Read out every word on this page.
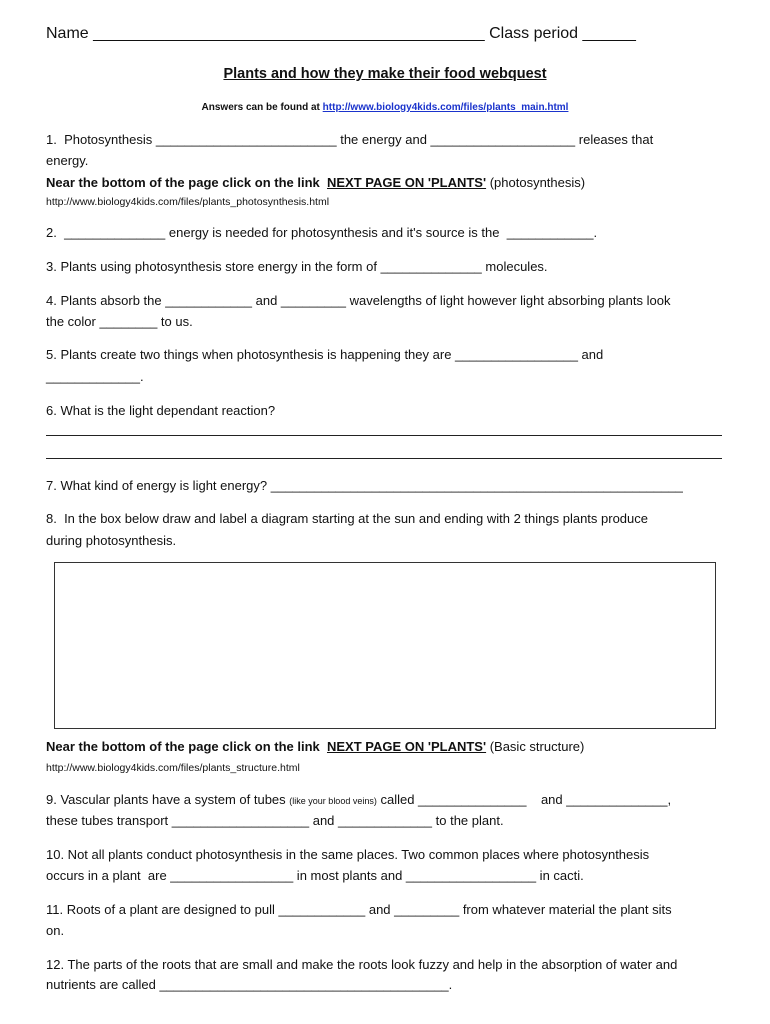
Name ____________________________________________ Class period ______
Plants and how they make their food webquest
Answers can be found at http://www.biology4kids.com/files/plants_main.html
1.  Photosynthesis _________________________ the energy and ____________________ releases that
energy.
Near the bottom of the page click on the link NEXT PAGE ON 'PLANTS' (photosynthesis)
http://www.biology4kids.com/files/plants_photosynthesis.html
2.  ______________ energy is needed for photosynthesis and it's source is the  ____________.
3. Plants using photosynthesis store energy in the form of ______________ molecules.
4. Plants absorb the ____________ and _________ wavelengths of light however light absorbing plants look
the color ________ to us.
5. Plants create two things when photosynthesis is happening they are _________________ and
_____________.
6. What is the light dependant reaction?
7. What kind of energy is light energy? _________________________________________________________
8.  In the box below draw and label a diagram starting at the sun and ending with 2 things plants produce
during photosynthesis.
Near the bottom of the page click on the link NEXT PAGE ON 'PLANTS' (Basic structure)
http://www.biology4kids.com/files/plants_structure.html
9. Vascular plants have a system of tubes (like your blood veins) called _______________    and ______________,
these tubes transport ___________________ and _____________ to the plant.
10. Not all plants conduct photosynthesis in the same places. Two common places where photosynthesis
occurs in a plant  are _________________ in most plants and __________________ in cacti.
11. Roots of a plant are designed to pull ____________ and _________ from whatever material the plant sits
on.
12. The parts of the roots that are small and make the roots look fuzzy and help in the absorption of water and
nutrients are called ________________________________________.
